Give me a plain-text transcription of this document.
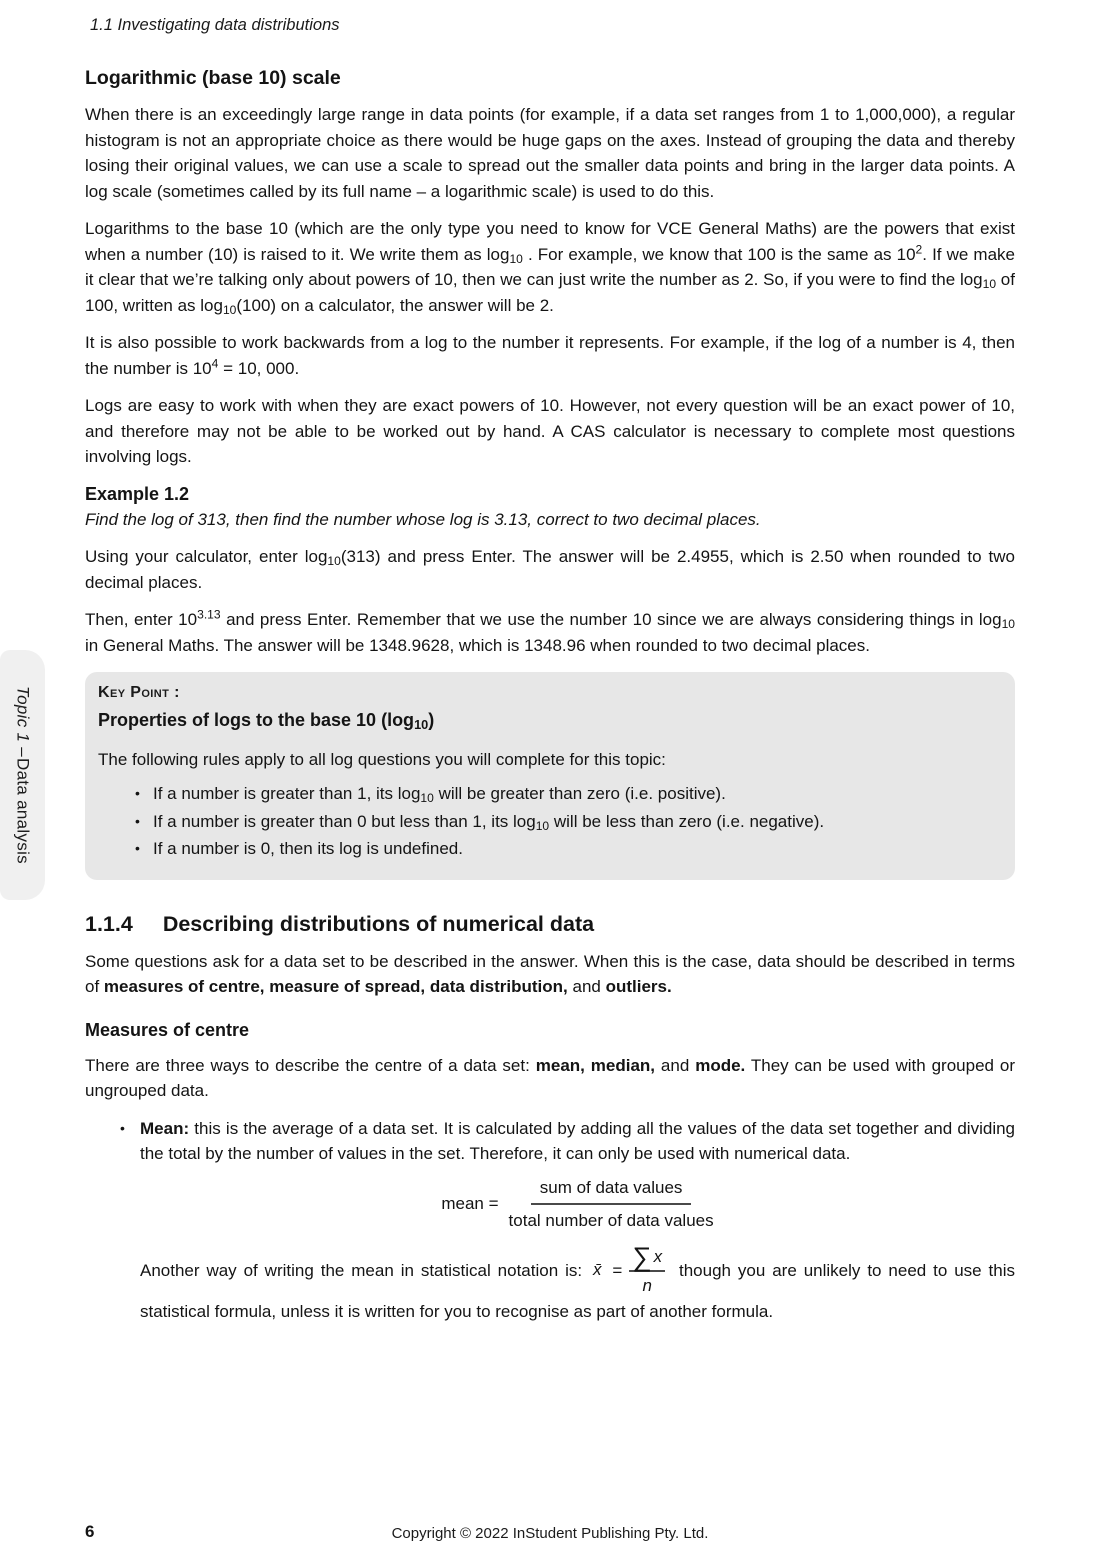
Topic 1 –
Data analysis
1.1 Investigating data distributions
Logarithmic (base 10) scale

When there is an exceedingly large range in data points (for example, if a data set ranges from 1 to 1,000,000), a regular histogram is not an appropriate choice as there would be huge gaps on the axes. Instead of grouping the data and thereby losing their original values, we can use a scale to spread out the smaller data points and bring in the larger data points. A log scale (sometimes called by its full name – a logarithmic scale) is used to do this.

Logarithms to the base 10 (which are the only type you need to know for VCE General Maths) are the powers that exist when a number (10) is raised to it. We write them as log10 . For example, we know that 100 is the same as $10^2$. If we make it clear that we’re talking only about powers of 10, then we can just write the number as 2. So, if you were to find the log10 of 100, written as log10(100) on a calculator, the answer will be 2.

It is also possible to work backwards from a log to the number it represents. For example, if the log of a number is 4, then the number is $10^4 = 10$, 000.

Logs are easy to work with when they are exact powers of 10. However, not every question will be an exact power of 10, and therefore may not be able to be worked out by hand. A CAS calculator is necessary to complete most questions involving logs.

Example 1.2

Find the log of 313, then find the number whose log is 3.13, correct to two decimal places.

Using your calculator, enter log10(313) and press Enter. The answer will be 2.4955, which is 2.50 when rounded to two decimal places.

Then, enter $10^{3.13}$ and press Enter. Remember that we use the number 10 since we are always considering things in log10 in General Maths. The answer will be 1348.9628, which is 1348.96 when rounded to two decimal places.

Key Point :
Properties of logs to the base 10 (log10)
The following rules apply to all log questions you will complete for this topic:
• If a number is greater than 1, its log10 will be greater than zero (i.e. positive).
• If a number is greater than 0 but less than 1, its log10 will be less than zero (i.e. negative).
• If a number is 0, then its log is undefined.
1.1.4 Describing distributions of numerical data

Some questions ask for a data set to be described in the answer. When this is the case, data should be described in terms of measures of centre, measure of spread, data distribution, and outliers.

Measures of centre

There are three ways to describe the centre of a data set: mean, median, and mode. They can be used with grouped or ungrouped data.

• Mean: this is the average of a data set. It is calculated by adding all the values of the data set together and dividing the total by the number of values in the set. Therefore, it can only be used with numerical data.
mean = $\frac{\text{sum of data values}}{\text{total number of data values}}$
Another way of writing the mean in statistical notation is: x̄ = $\frac{\sum x}{n}$ though you are unlikely to need to use this statistical formula, unless it is written for you to recognise as part of another formula.
Copyright © 2022 InStudent Publishing Pty. Ltd.
6
